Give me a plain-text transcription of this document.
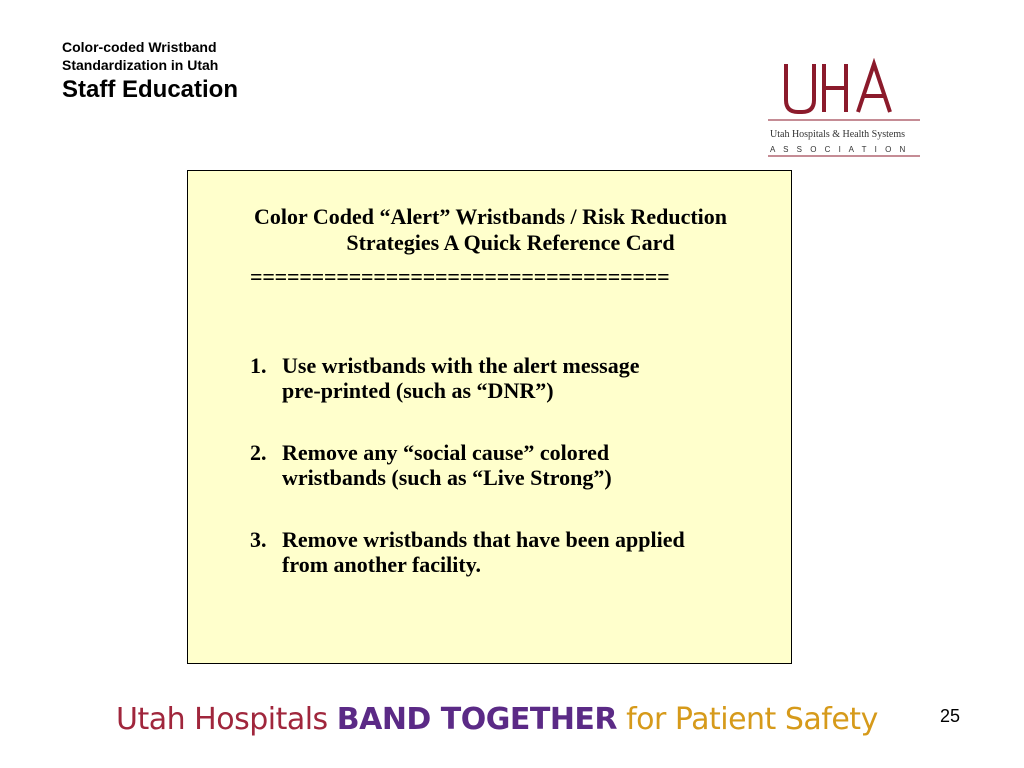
Color-coded Wristband
Standardization in Utah
Staff Education
Utah Hospitals & Health Systems
A S S O C I A T I O N
Color Coded “Alert” Wristbands / Risk Reduction
Strategies A Quick Reference Card
==================================
1. Use wristbands with the alert message
pre-printed (such as “DNR”)
2. Remove any “social cause” colored
wristbands (such as “Live Strong”)
3. Remove wristbands that have been applied
from another facility.
Utah Hospitals BAND TOGETHER for Patient Safety	25
